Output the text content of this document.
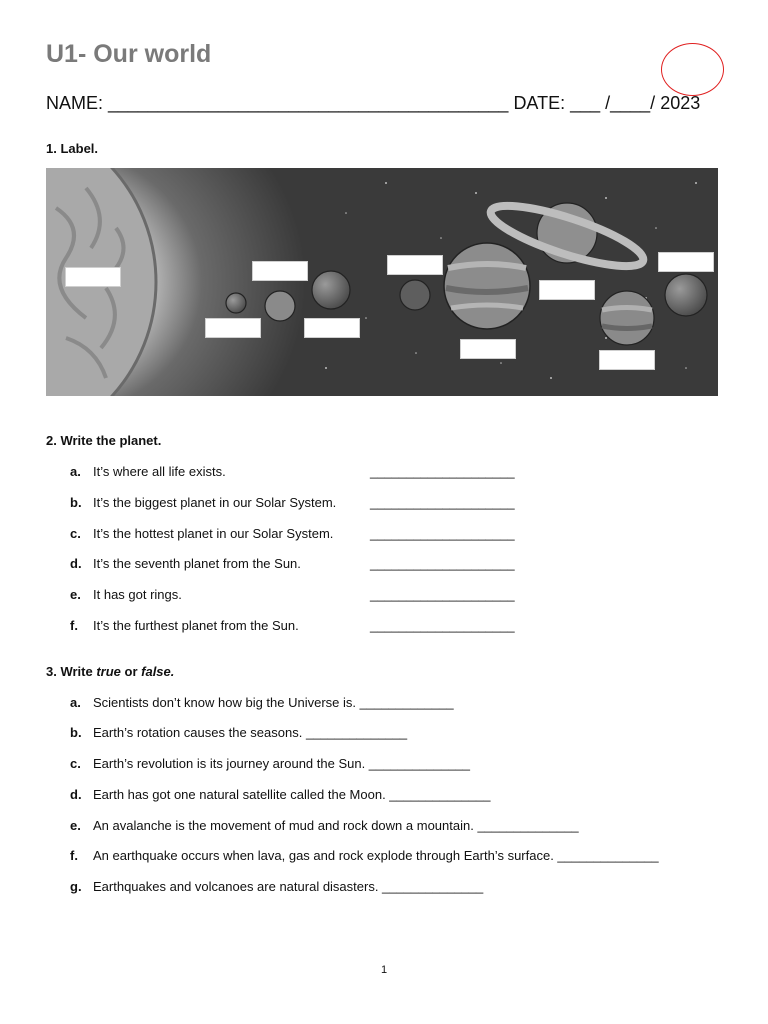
U1- Our world
NAME: ________________________________________ DATE: ___ /____/ 2023
1. Label.
2. Write the planet.
a. It’s where all life exists.	____________________
b. It’s the biggest planet in our Solar System.	____________________
c. It’s the hottest planet in our Solar System.	____________________
d. It’s the seventh planet from the Sun.	____________________
e. It has got rings.	____________________
f. It’s the furthest planet from the Sun.	____________________
3. Write true or false.
a. Scientists don’t know how big the Universe is. _____________
b. Earth’s rotation causes the seasons. ______________
c. Earth’s revolution is its journey around the Sun. ______________
d. Earth has got one natural satellite called the Moon. ______________
e. An avalanche is the movement of mud and rock down a mountain. ______________
f. An earthquake occurs when lava, gas and rock explode through Earth’s surface. ______________
g. Earthquakes and volcanoes are natural disasters. ______________
1
